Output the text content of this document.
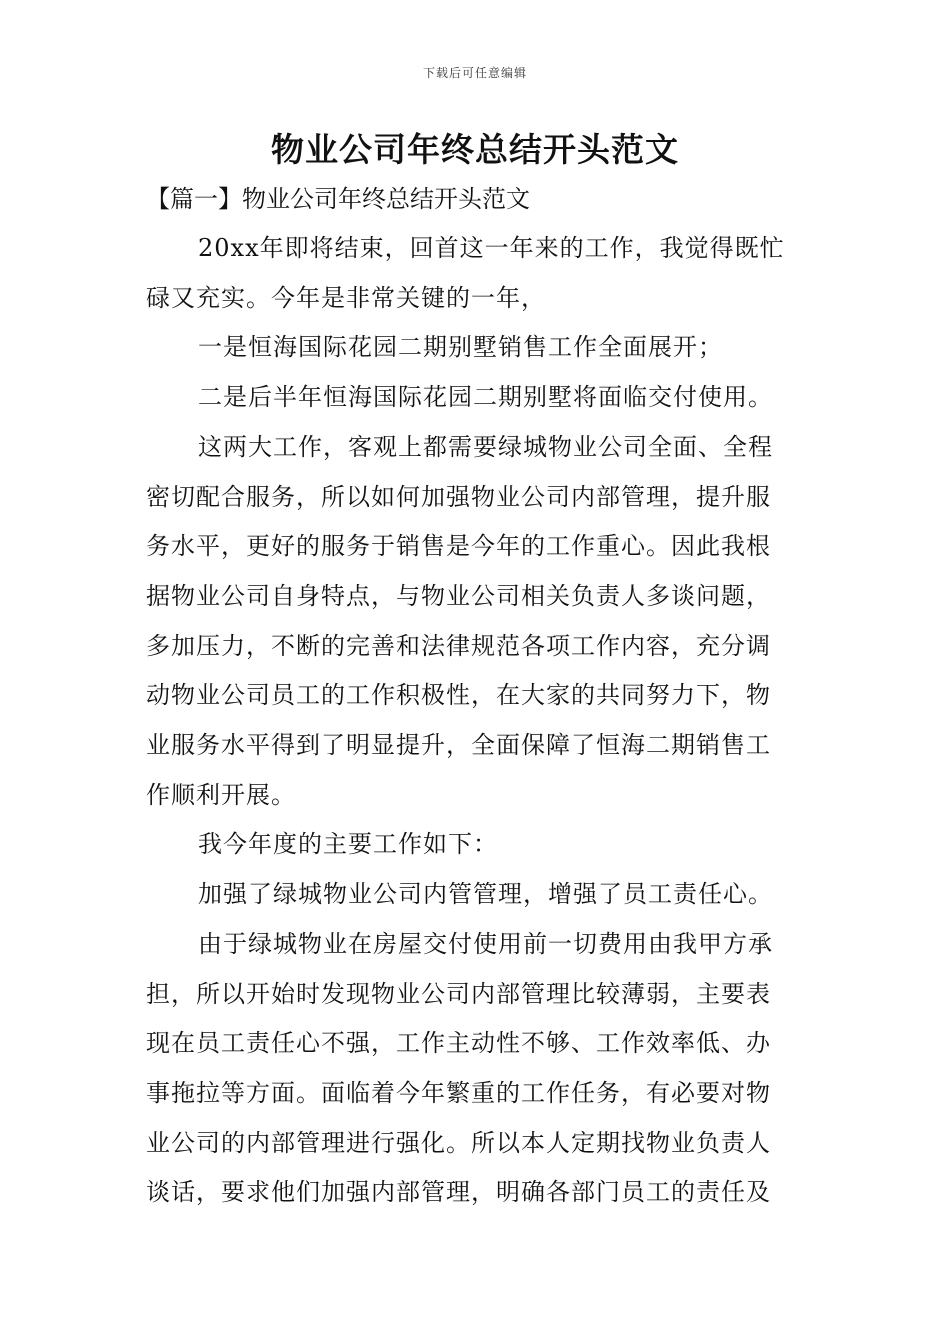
下载后可任意编辑
物业公司年终总结开头范文
【篇一】物业公司年终总结开头范文
20xx年即将结束，回首这一年来的工作，我觉得既忙
碌又充实。今年是非常关键的一年，
一是恒海国际花园二期别墅销售工作全面展开；
二是后半年恒海国际花园二期别墅将面临交付使用。
这两大工作，客观上都需要绿城物业公司全面、全程
密切配合服务，所以如何加强物业公司内部管理，提升服
务水平，更好的服务于销售是今年的工作重心。因此我根
据物业公司自身特点，与物业公司相关负责人多谈问题，
多加压力，不断的完善和法律规范各项工作内容，充分调
动物业公司员工的工作积极性，在大家的共同努力下，物
业服务水平得到了明显提升，全面保障了恒海二期销售工
作顺利开展。
我今年度的主要工作如下：
加强了绿城物业公司内管管理，增强了员工责任心。
由于绿城物业在房屋交付使用前一切费用由我甲方承
担，所以开始时发现物业公司内部管理比较薄弱，主要表
现在员工责任心不强，工作主动性不够、工作效率低、办
事拖拉等方面。面临着今年繁重的工作任务，有必要对物
业公司的内部管理进行强化。所以本人定期找物业负责人
谈话，要求他们加强内部管理，明确各部门员工的责任及
